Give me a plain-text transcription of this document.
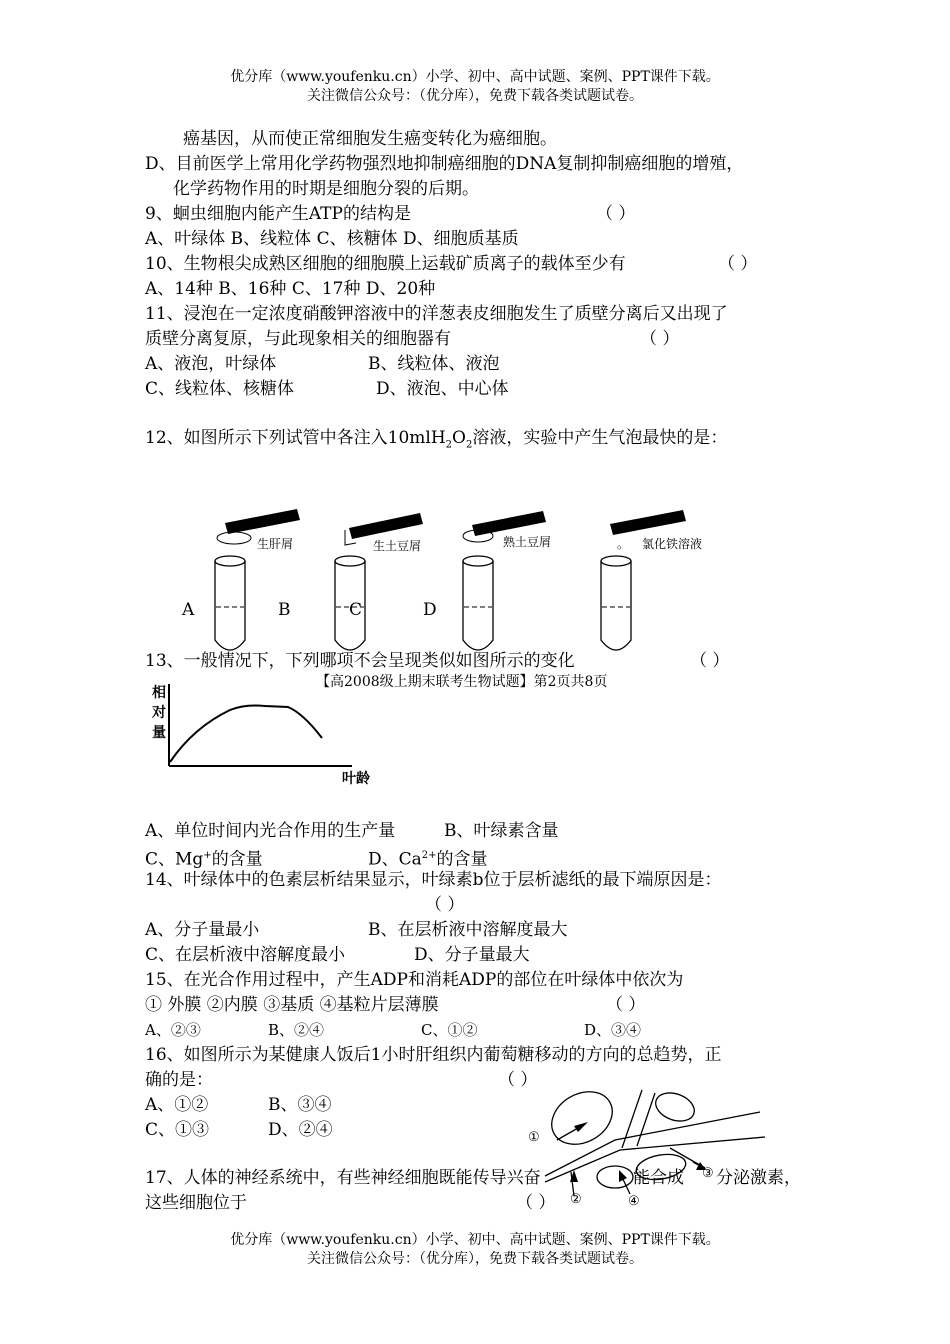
优分库（www.youfenku.cn）小学、初中、高中试题、案例、PPT课件下载。
关注微信公众号：（优分库），免费下载各类试题试卷。
癌基因，从而使正常细胞发生癌变转化为癌细胞。
D、目前医学上常用化学药物强烈地抑制癌细胞的DNA复制抑制癌细胞的增殖，
化学药物作用的时期是细胞分裂的后期。
9、蛔虫细胞内能产生ATP的结构是	（ ）
A、叶绿体 B、线粒体 C、核糖体 D、细胞质基质
10、生物根尖成熟区细胞的细胞膜上运载矿质离子的载体至少有	（ ）
A、14种 B、16种 C、17种 D、20种
11、浸泡在一定浓度硝酸钾溶液中的洋葱表皮细胞发生了质壁分离后又出现了
质壁分离复原，与此现象相关的细胞器有	（ ）
A、液泡，叶绿体	B、线粒体、液泡
C、线粒体、核糖体	D、液泡、中心体
12、如图所示下列试管中各注入$10mlH_2O_2$溶液，实验中产生气泡最快的是：
生肝屑	生土豆屑	熟土豆屑	。 氯化铁溶液
A	B	C	D
13、一般情况下，下列哪项不会呈现类似如图所示的变化	（ ）
【高2008级上期末联考生物试题】第2页共8页
相
对
量
叶龄
A、单位时间内光合作用的生产量	B、叶绿素含量
C、Mg+的含量	D、$Ca^{2+}$的含量
14、叶绿体中的色素层析结果显示，叶绿素b位于层析滤纸的最下端原因是：
（ ）
A、分子量最小	B、在层析液中溶解度最大
C、在层析液中溶解度最小	D、分子量最大
15、在光合作用过程中，产生ADP和消耗ADP的部位在叶绿体中依次为
① 外膜 ②内膜 ③基质 ④基粒片层薄膜	（ ）
A、②③	B、②④	C、①②	D、③④
16、如图所示为某健康人饭后1小时肝组织内葡萄糖移动的方向的总趋势，正
确的是：	（ ）
A、①②	B、③④
C、①③	D、②④	①
②
③
④
17、人体的神经系统中，有些神经细胞既能传导兴奋	能合成 分泌激素，
这些细胞位于	（ ）
优分库（www.youfenku.cn）小学、初中、高中试题、案例、PPT课件下载。
关注微信公众号：（优分库），免费下载各类试题试卷。
